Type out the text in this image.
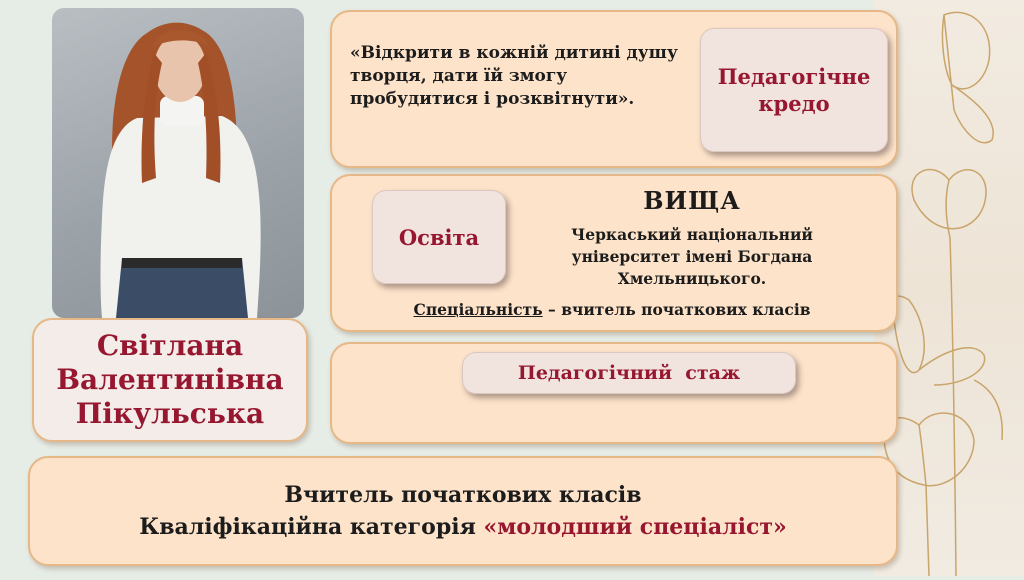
«Відкрити в кожній дитині душу творця, дати їй змогу пробудитися і розквітнути».
Педагогічне кредо
Освіта
ВИЩА
Черкаський національний університет імені Богдана Хмельницького.
Спеціальність – вчитель початкових класів
Педагогічний  стаж
Світлана
Валентинівна
Пікульська
Вчитель початкових класів
Кваліфікаційна категорія «молодший спеціаліст»
